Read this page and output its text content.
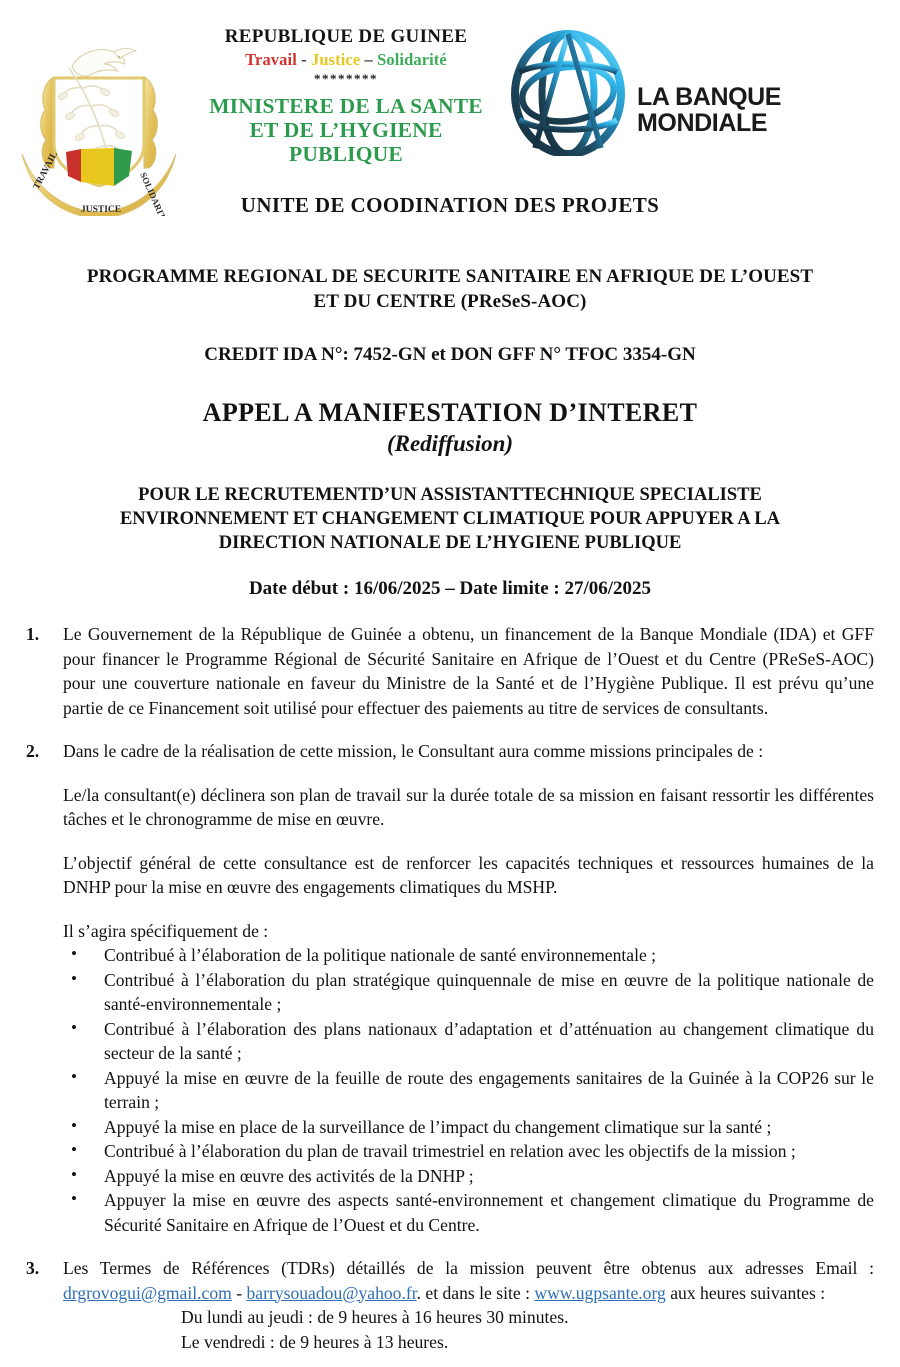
TRAVAIL
JUSTICE SOLIDARITE
REPUBLIQUE DE GUINEE
Travail - Justice – Solidarité
********
MINISTERE DE LA SANTE
ET DE L’HYGIENE
PUBLIQUE
LA BANQUE
MONDIALE
UNITE DE COODINATION DES PROJETS
PROGRAMME REGIONAL DE SECURITE SANITAIRE EN AFRIQUE DE L’OUEST
ET DU CENTRE (PReSeS-AOC)
CREDIT IDA N°: 7452-GN et DON GFF N° TFOC 3354-GN
APPEL A MANIFESTATION D’INTERET
(Rediffusion)
POUR LE RECRUTEMENTD’UN ASSISTANTTECHNIQUE SPECIALISTE
ENVIRONNEMENT ET CHANGEMENT CLIMATIQUE POUR APPUYER A LA
DIRECTION NATIONALE DE L’HYGIENE PUBLIQUE
Date début : 16/06/2025 – Date limite : 27/06/2025
1.	Le Gouvernement de la République de Guinée a obtenu, un financement de la Banque Mondiale (IDA) et GFF pour financer le Programme Régional de Sécurité Sanitaire en Afrique de l’Ouest et du Centre (PReSeS-AOC) pour une couverture nationale en faveur du Ministre de la Santé et de l’Hygiène Publique. Il est prévu qu’une partie de ce Financement soit utilisé pour effectuer des paiements au titre de services de consultants.
2.	Dans le cadre de la réalisation de cette mission, le Consultant aura comme missions principales de :
Le/la consultant(e) déclinera son plan de travail sur la durée totale de sa mission en faisant ressortir les différentes tâches et le chronogramme de mise en œuvre.
L’objectif général de cette consultance est de renforcer les capacités techniques et ressources humaines de la DNHP pour la mise en œuvre des engagements climatiques du MSHP.
Il s’agira spécifiquement de :
• Contribué à l’élaboration de la politique nationale de santé environnementale ;
• Contribué à l’élaboration du plan stratégique quinquennale de mise en œuvre de la politique nationale de santé-environnementale ;
• Contribué à l’élaboration des plans nationaux d’adaptation et d’atténuation au changement climatique du secteur de la santé ;
• Appuyé la mise en œuvre de la feuille de route des engagements sanitaires de la Guinée à la COP26 sur le terrain ;
• Appuyé la mise en place de la surveillance de l’impact du changement climatique sur la santé ;
• Contribué à l’élaboration du plan de travail trimestriel en relation avec les objectifs de la mission ;
• Appuyé la mise en œuvre des activités de la DNHP ;
• Appuyer la mise en œuvre des aspects santé-environnement et changement climatique du Programme de Sécurité Sanitaire en Afrique de l’Ouest et du Centre.
3.	Les Termes de Références (TDRs) détaillés de la mission peuvent être obtenus aux adresses Email : drgrovogui@gmail.com - barrysouadou@yahoo.fr. et dans le site : www.ugpsante.org aux heures suivantes :
Du lundi au jeudi : de 9 heures à 16 heures 30 minutes.
Le vendredi : de 9 heures à 13 heures.
